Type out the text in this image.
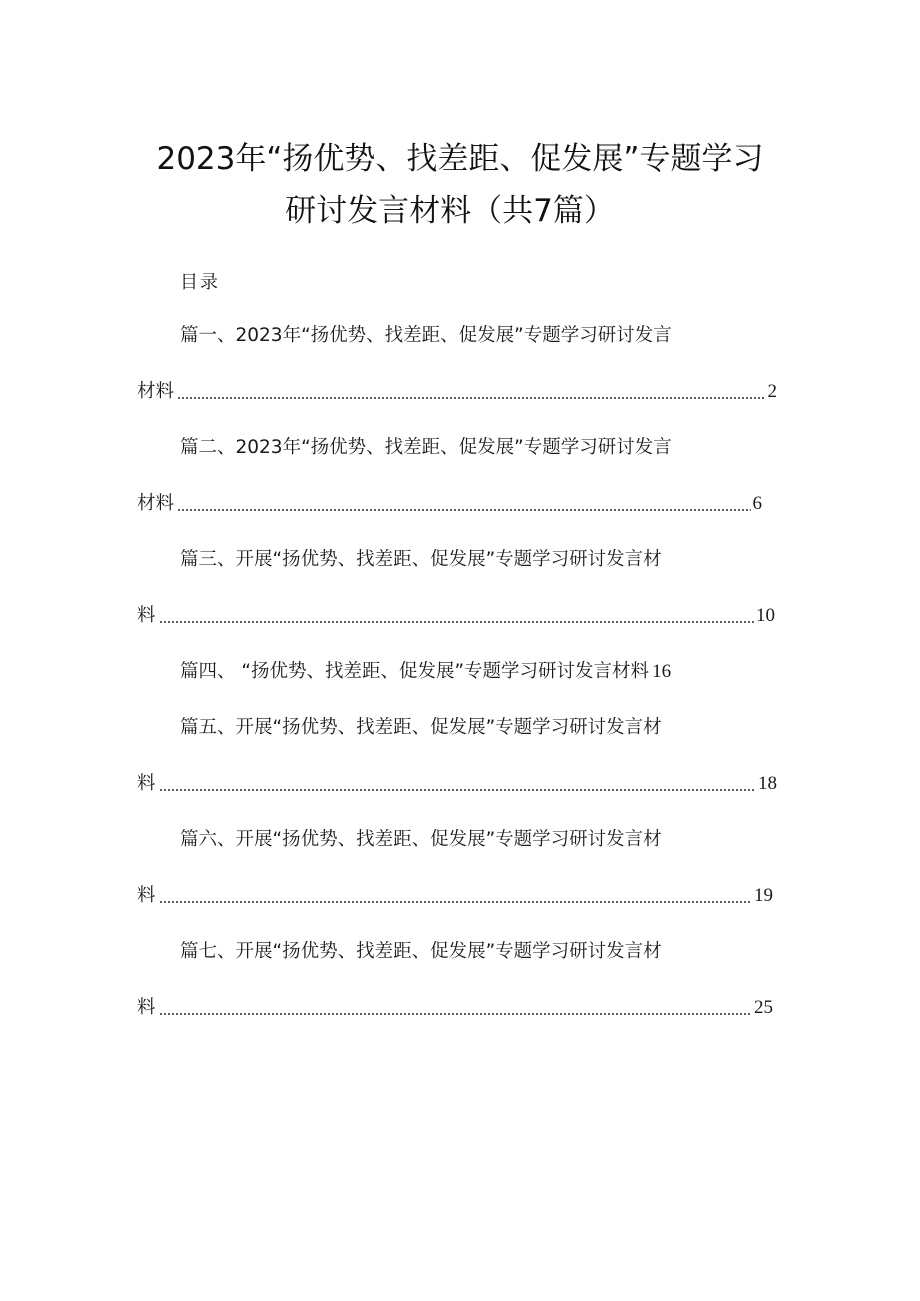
2023年“扬优势、找差距、促发展”专题学习
研讨发言材料（共7篇）
目录
篇一、2023年“扬优势、找差距、促发展”专题学习研讨发言
材料	2
篇二、2023年“扬优势、找差距、促发展”专题学习研讨发言
材料	6
篇三、开展“扬优势、找差距、促发展”专题学习研讨发言材
料	10
篇四、 “扬优势、找差距、促发展”专题学习研讨发言材料 16
篇五、开展“扬优势、找差距、促发展”专题学习研讨发言材
料	18
篇六、开展“扬优势、找差距、促发展”专题学习研讨发言材
料	19
篇七、开展“扬优势、找差距、促发展”专题学习研讨发言材
料	25
